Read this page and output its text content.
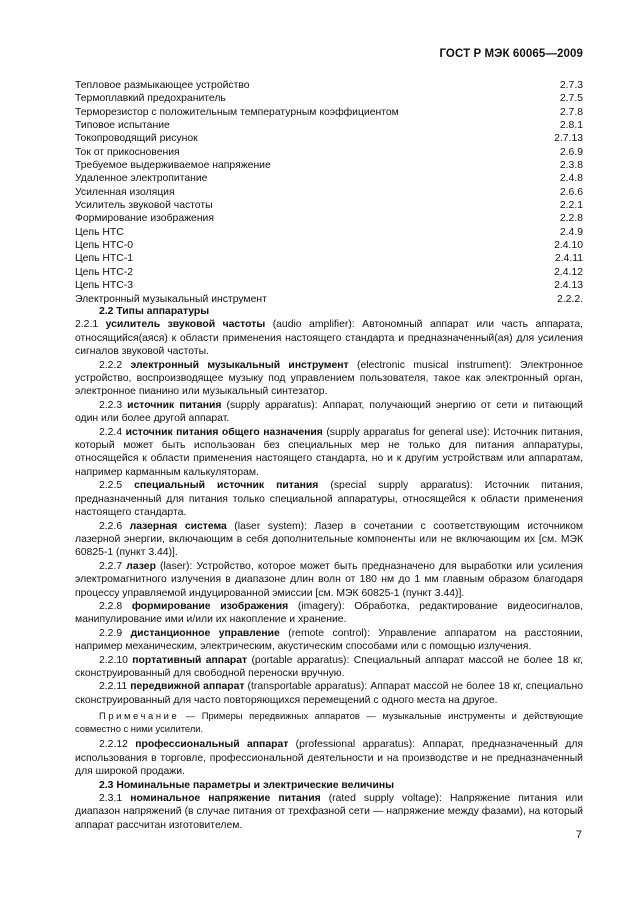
ГОСТ Р МЭК 60065—2009
Тепловое размыкающее устройство	2.7.3
Термоплавкий предохранитель	2.7.5
Терморезистор с положительным температурным коэффициентом	2.7.8
Типовое испытание	2.8.1
Токопроводящий рисунок	2.7.13
Ток от прикосновения	2.6.9
Требуемое выдерживаемое напряжение	2.3.8
Удаленное электропитание	2.4.8
Усиленная изоляция	2.6.6
Усилитель звуковой частоты	2.2.1
Формирование изображения	2.2.8
Цепь НТС	2.4.9
Цепь НТС-0	2.4.10
Цепь НТС-1	2.4.11
Цепь НТС-2	2.4.12
Цепь НТС-3	2.4.13
Электронный музыкальный инструмент	2.2.2.
2.2 Типы аппаратуры

2.2.1 усилитель звуковой частоты (audio amplifier): Автономный аппарат или часть аппарата, относящийся(аяся) к области применения настоящего стандарта и предназначенный(ая) для усиления сигналов звуковой частоты.

2.2.2 электронный музыкальный инструмент (electronic musical instrument): Электронное устройство, воспроизводящее музыку под управлением пользователя, такое как электронный орган, электронное пианино или музыкальный синтезатор.

2.2.3 источник питания (supply apparatus): Аппарат, получающий энергию от сети и питающий один или более другой аппарат.

2.2.4 источник питания общего назначения (supply apparatus for general use): Источник питания, который может быть использован без специальных мер не только для питания аппаратуры, относящейся к области применения настоящего стандарта, но и к другим устройствам или аппаратам, например карманным калькуляторам.

2.2.5 специальный источник питания (special supply apparatus): Источник питания, предназначенный для питания только специальной аппаратуры, относящейся к области применения настоящего стандарта.

2.2.6 лазерная система (laser system): Лазер в сочетании с соответствующим источником лазерной энергии, включающим в себя дополнительные компоненты или не включающим их [см. МЭК 60825-1 (пункт 3.44)].

2.2.7 лазер (laser): Устройство, которое может быть предназначено для выработки или усиления электромагнитного излучения в диапазоне длин волн от 180 нм до 1 мм главным образом благодаря процессу управляемой индуцированной эмиссии [см. МЭК 60825-1 (пункт 3.44)].

2.2.8 формирование изображения (imagery): Обработка, редактирование видеосигналов, манипулирование ими и/или их накопление и хранение.

2.2.9 дистанционное управление (remote control): Управление аппаратом на расстоянии, например механическим, электрическим, акустическим способами или с помощью излучения.

2.2.10 портативный аппарат (portable apparatus): Специальный аппарат массой не более 18 кг, сконструированный для свободной переноски вручную.

2.2.11 передвижной аппарат (transportable apparatus): Аппарат массой не более 18 кг, специально сконструированный для часто повторяющихся перемещений с одного места на другое.

Примечание — Примеры передвижных аппаратов — музыкальные инструменты и действующие совместно с ними усилители.

2.2.12 профессиональный аппарат (professional apparatus): Аппарат, предназначенный для использования в торговле, профессиональной деятельности и на производстве и не предназначенный для широкой продажи.

2.3 Номинальные параметры и электрические величины

2.3.1 номинальное напряжение питания (rated supply voltage): Напряжение питания или диапазон напряжений (в случае питания от трехфазной сети — напряжение между фазами), на который аппарат рассчитан изготовителем.

7
